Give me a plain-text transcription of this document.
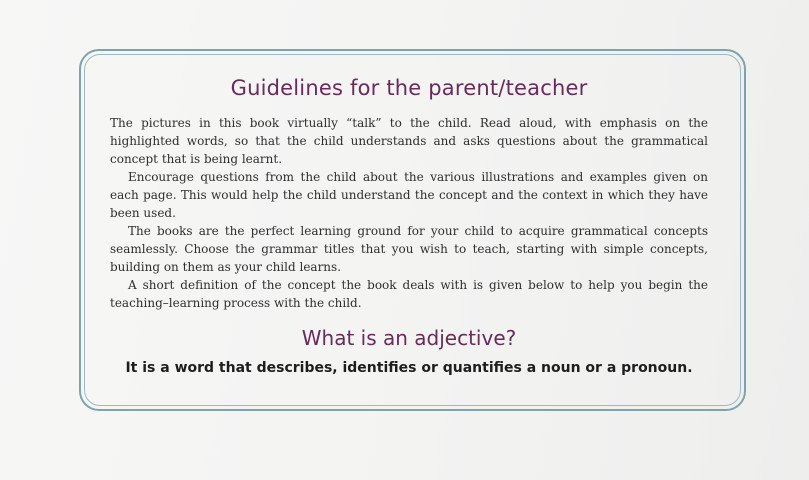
Guidelines for the parent/teacher

The pictures in this book virtually “talk” to the child. Read aloud, with emphasis on the highlighted words, so that the child understands and asks questions about the grammatical concept that is being learnt.

Encourage questions from the child about the various illustrations and examples given on each page. This would help the child understand the concept and the context in which they have been used.

The books are the perfect learning ground for your child to acquire grammatical concepts seamlessly. Choose the grammar titles that you wish to teach, starting with simple concepts, building on them as your child learns.

A short definition of the concept the book deals with is given below to help you begin the teaching–learning process with the child.

What is an adjective?

It is a word that describes, identifies or quantifies a noun or a pronoun.
